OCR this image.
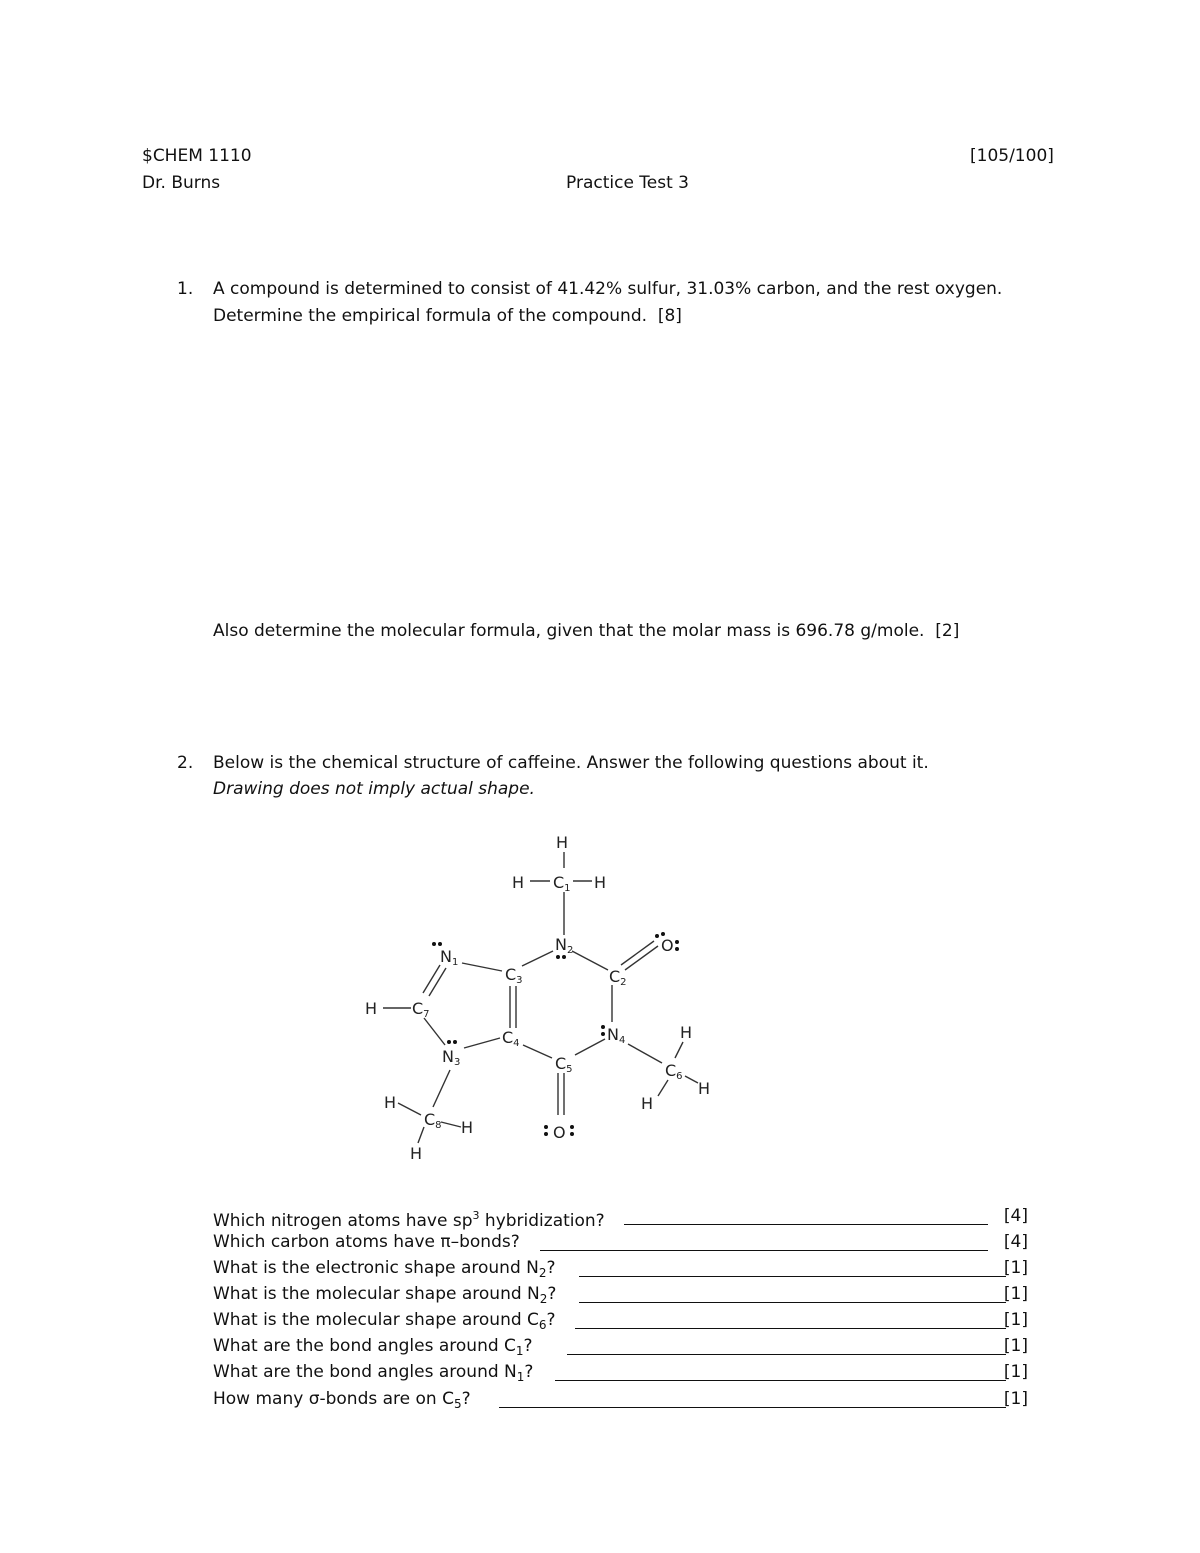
$CHEM 1110	[105/100]
Dr. Burns	Practice Test 3
1. A compound is determined to consist of 41.42% sulfur, 31.03% carbon, and the rest oxygen.
Determine the empirical formula of the compound. [8]
Also determine the molecular formula, given that the molar mass is 696.78 g/mole. [2]
2. Below is the chemical structure of caffeine. Answer the following questions about it.
Drawing does not imply actual shape.
H
H C1 H
N2	O
N1
C3	C2
H C7
C4	N4	H
N3	C5	C6
H
H
C8 H
H
O
H
Which nitrogen atoms have $sp^3$ hybridization?	[4]
Which carbon atoms have π–bonds?	[4]
What is the electronic shape around $N_2$?	[1]
What is the molecular shape around $N_2$?	[1]
What is the molecular shape around $C_6$?	[1]
What are the bond angles around $C_1$?	[1]
What are the bond angles around $N_1$?	[1]
How many σ-bonds are on $C_5$?	[1]
